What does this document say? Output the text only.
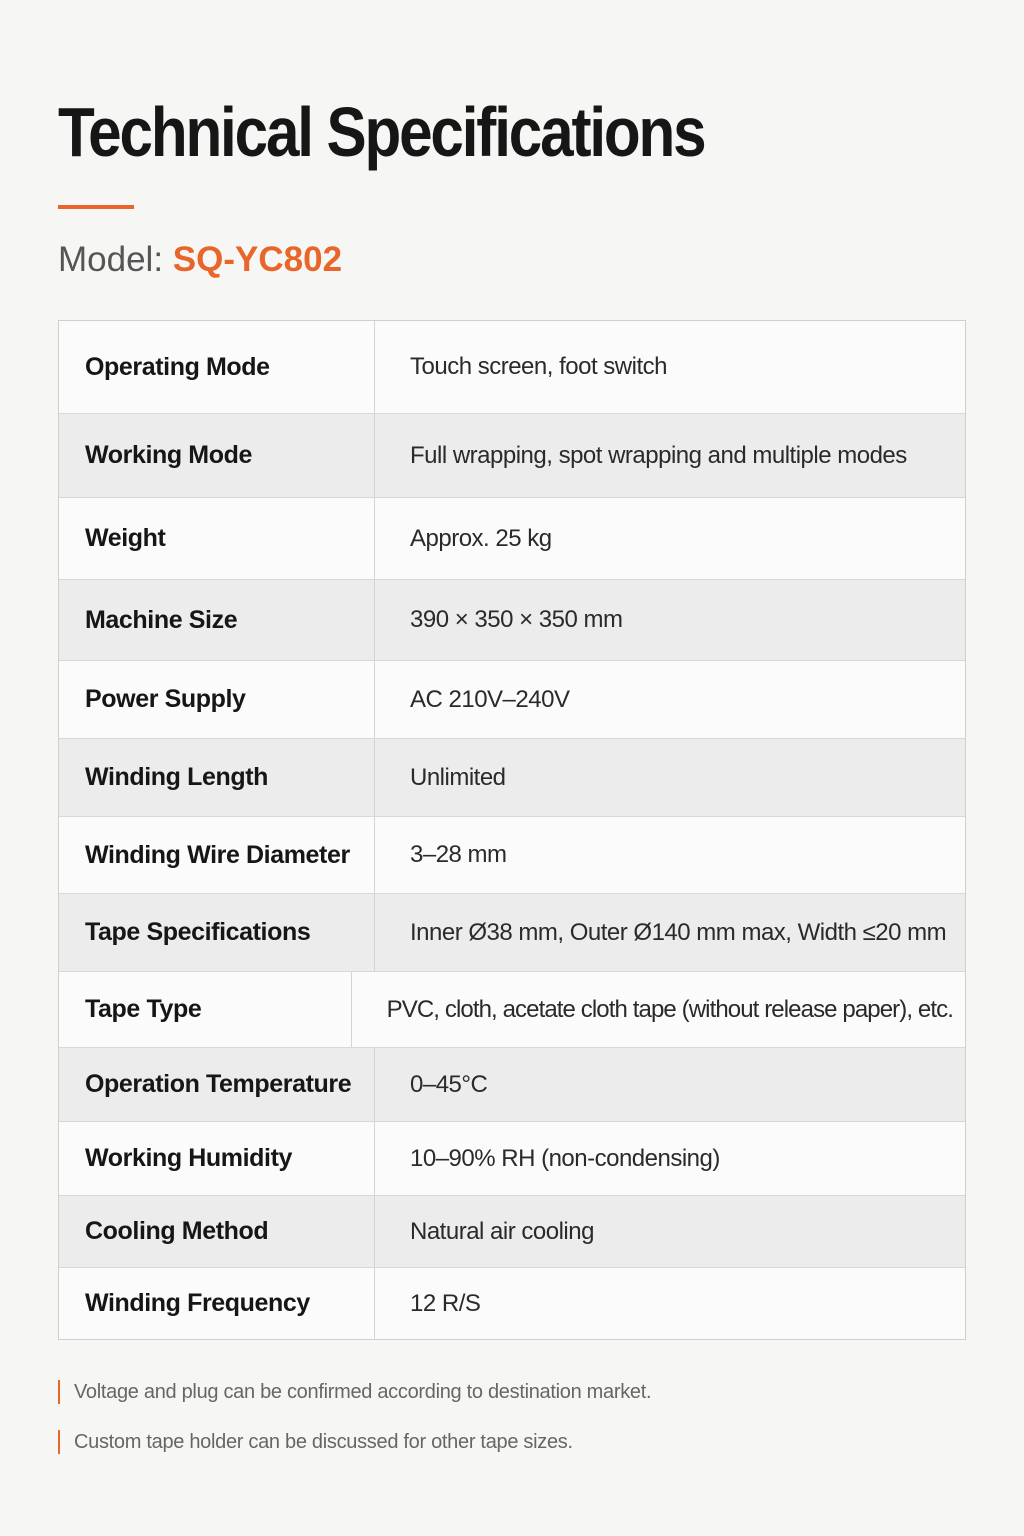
Technical Specifications
Model: SQ-YC802
Operating Mode	Touch screen, foot switch
Working Mode	Full wrapping, spot wrapping and multiple modes
Weight	Approx. 25 kg
Machine Size	390 × 350 × 350 mm
Power Supply	AC 210V–240V
Winding Length	Unlimited
Winding Wire Diameter	3–28 mm
Tape Specifications	Inner Ø38 mm, Outer Ø140 mm max, Width ≤20 mm
Tape Type	PVC, cloth, acetate cloth tape (without release paper), etc.
Operation Temperature	0–45°C
Working Humidity	10–90% RH (non-condensing)
Cooling Method	Natural air cooling
Winding Frequency	12 R/S
Voltage and plug can be confirmed according to destination market.
Custom tape holder can be discussed for other tape sizes.
